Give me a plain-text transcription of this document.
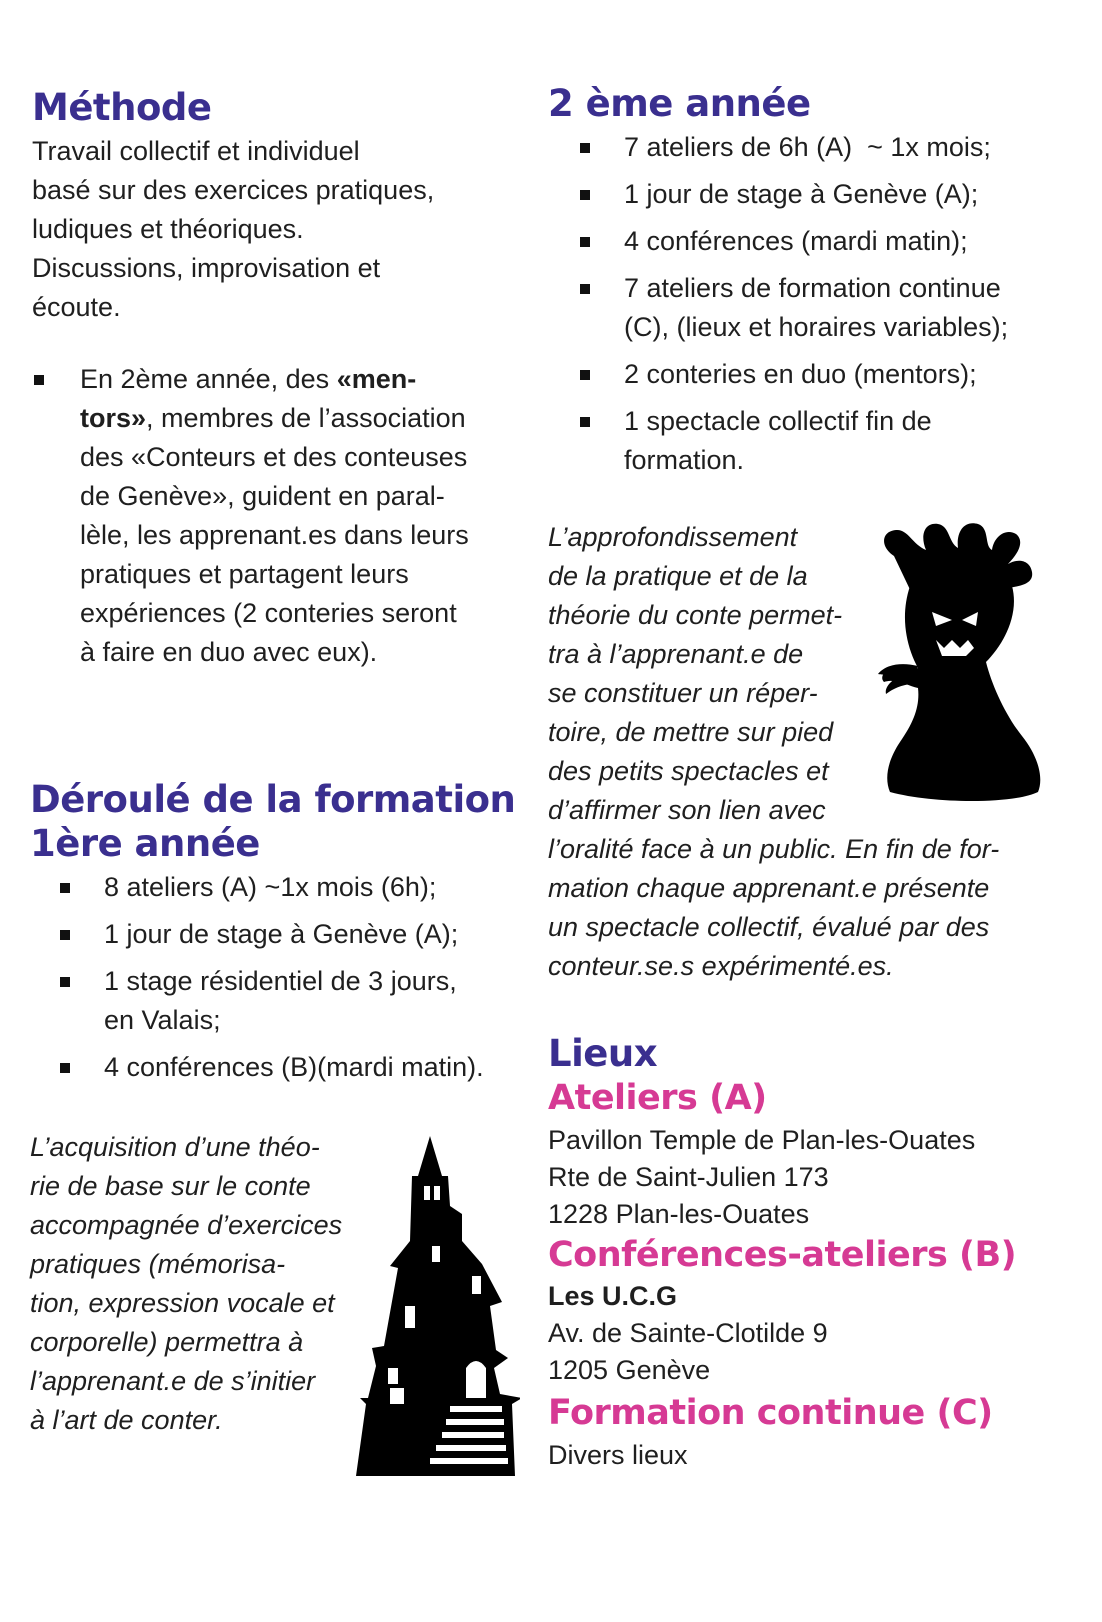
Méthode

Travail collectif et individuel

basé sur des exercices pratiques,

ludiques et théoriques.

Discussions, improvisation et

écoute.

En 2ème année, des «men-

tors», membres de l’association

des «Conteurs et des conteuses

de Genève», guident en paral-

lèle, les apprenant.es dans leurs

pratiques et partagent leurs

expériences (2 conteries seront

à faire en duo avec eux).

Déroulé de la formation
1ère année
8 ateliers (A) ~1x mois (6h);
1 jour de stage à Genève (A);
1 stage résidentiel de 3 jours,
en Valais;
4 conférences (B)(mardi matin).

L’acquisition d’une théo-

rie de base sur le conte

accompagnée d’exercices

pratiques (mémorisa-

tion, expression vocale et

corporelle) permettra à

l’apprenant.e de s’initier

à l’art de conter.

2 ème année
7 ateliers de 6h (A)  ~ 1x mois;
1 jour de stage à Genève (A);
4 conférences (mardi matin);
7 ateliers de formation continue
(C), (lieux et horaires variables);
2 conteries en duo (mentors);
1 spectacle collectif fin de
formation.

L’approfondissement

de la pratique et de la

théorie du conte permet-

tra à l’apprenant.e de

se constituer un réper-

toire, de mettre sur pied

des petits spectacles et

d’affirmer son lien avec

l’oralité face à un public. En fin de for-

mation chaque apprenant.e présente

un spectacle collectif, évalué par des

conteur.se.s expérimenté.es.

Lieux
Ateliers (A)

Pavillon Temple de Plan-les-Ouates

Rte de Saint-Julien 173

1228 Plan-les-Ouates

Conférences-ateliers (B)

Les U.C.G

Av. de Sainte-Clotilde 9

1205 Genève

Formation continue (C)

Divers lieux
